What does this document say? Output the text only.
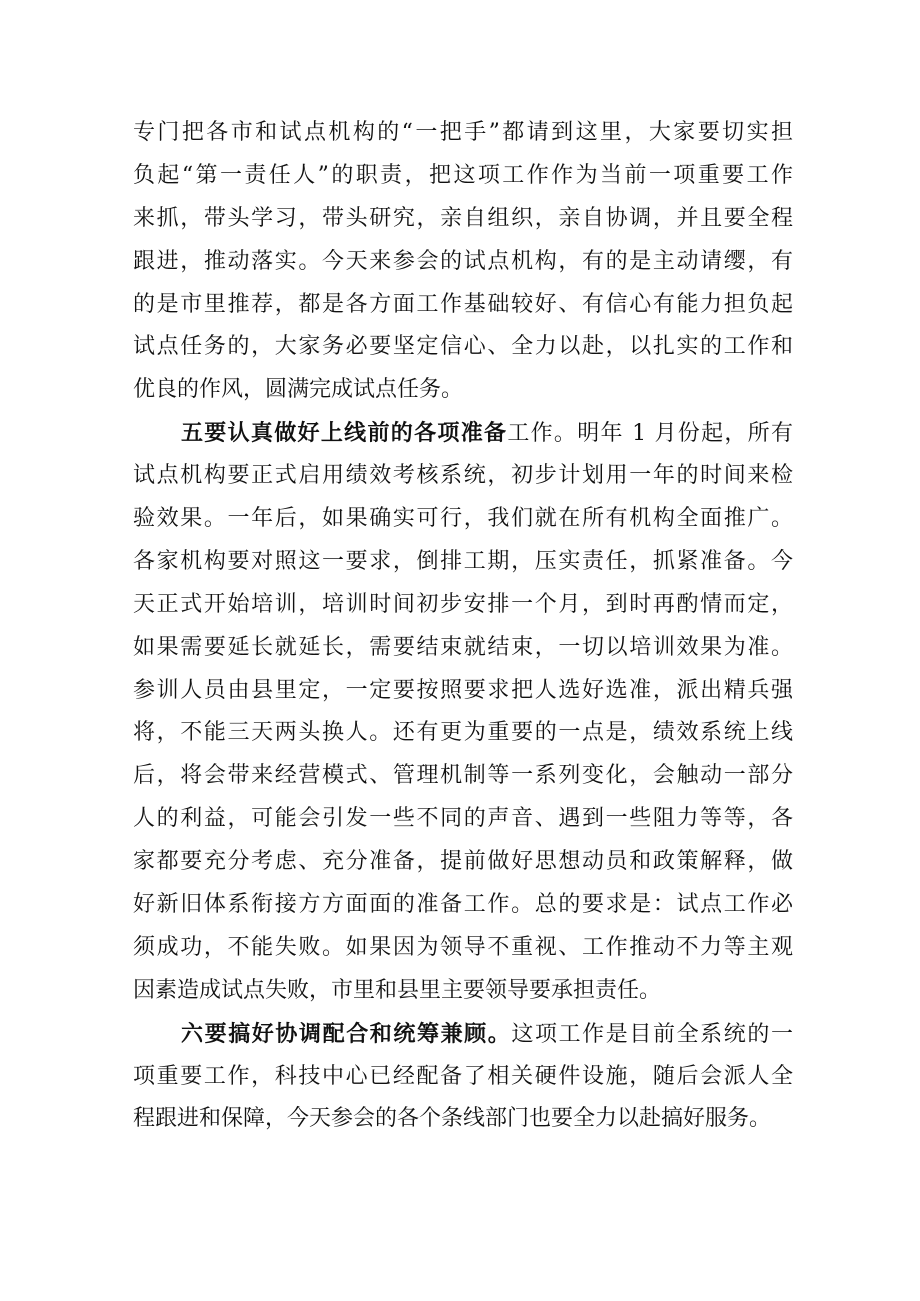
专门把各市和试点机构的“一把手”都请到这里，大家要切实担
负起“第一责任人”的职责，把这项工作作为当前一项重要工作
来抓，带头学习，带头研究，亲自组织，亲自协调，并且要全程
跟进，推动落实。今天来参会的试点机构，有的是主动请缨，有
的是市里推荐，都是各方面工作基础较好、有信心有能力担负起
试点任务的，大家务必要坚定信心、全力以赴，以扎实的工作和
优良的作风，圆满完成试点任务。
五要认真做好上线前的各项准备工作。明年 1 月份起，所有
试点机构要正式启用绩效考核系统，初步计划用一年的时间来检
验效果。一年后，如果确实可行，我们就在所有机构全面推广。
各家机构要对照这一要求，倒排工期，压实责任，抓紧准备。今
天正式开始培训，培训时间初步安排一个月，到时再酌情而定，
如果需要延长就延长，需要结束就结束，一切以培训效果为准。
参训人员由县里定，一定要按照要求把人选好选准，派出精兵强
将，不能三天两头换人。还有更为重要的一点是，绩效系统上线
后，将会带来经营模式、管理机制等一系列变化，会触动一部分
人的利益，可能会引发一些不同的声音、遇到一些阻力等等，各
家都要充分考虑、充分准备，提前做好思想动员和政策解释，做
好新旧体系衔接方方面面的准备工作。总的要求是：试点工作必
须成功，不能失败。如果因为领导不重视、工作推动不力等主观
因素造成试点失败，市里和县里主要领导要承担责任。
六要搞好协调配合和统筹兼顾。这项工作是目前全系统的一
项重要工作，科技中心已经配备了相关硬件设施，随后会派人全
程跟进和保障，今天参会的各个条线部门也要全力以赴搞好服务。
